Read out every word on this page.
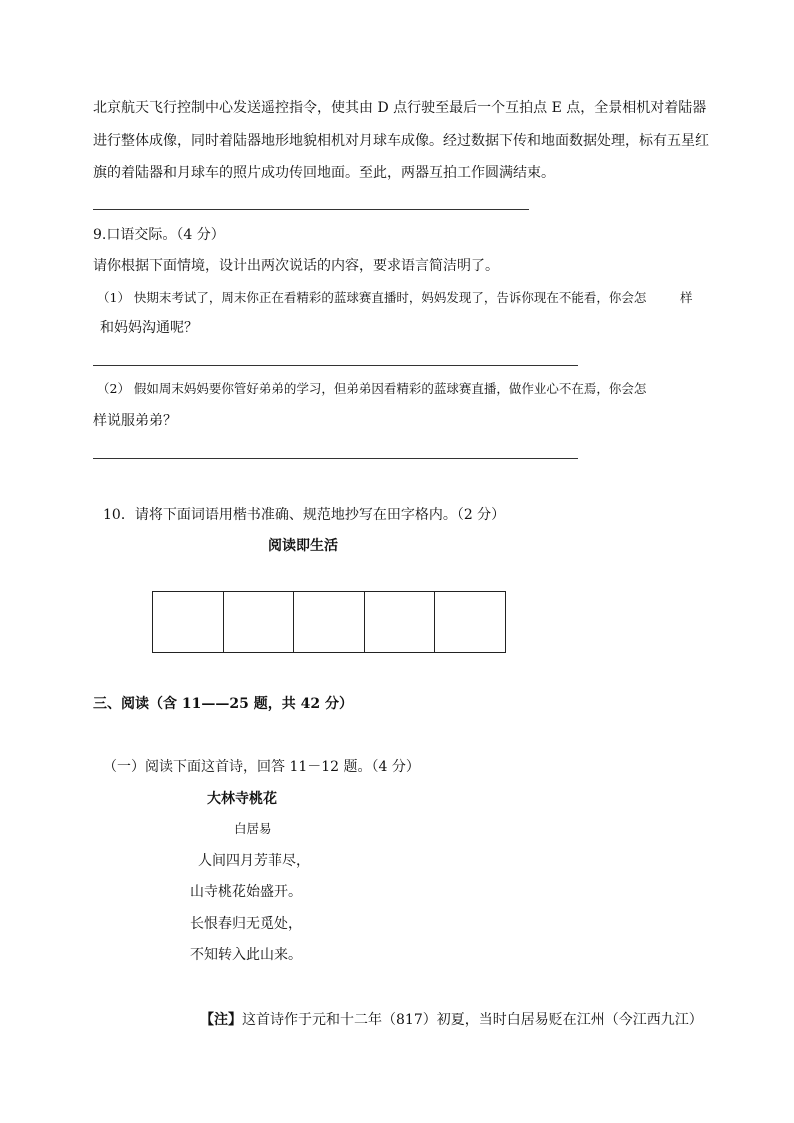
北京航天飞行控制中心发送遥控指令，使其由 D 点行驶至最后一个互拍点 E 点，全景相机对着陆器
进行整体成像，同时着陆器地形地貌相机对月球车成像。经过数据下传和地面数据处理，标有五星红
旗的着陆器和月球车的照片成功传回地面。至此，两器互拍工作圆满结束。
9.口语交际。（4 分）
请你根据下面情境，设计出两次说话的内容，要求语言简洁明了。
（1） 快期末考试了，周末你正在看精彩的蓝球赛直播时，妈妈发现了，告诉你现在不能看，你会怎	样
和妈妈沟通呢？
（2） 假如周末妈妈要你管好弟弟的学习，但弟弟因看精彩的蓝球赛直播，做作业心不在焉，你会怎
样说服弟弟？
10．请将下面词语用楷书准确、规范地抄写在田字格内。（2 分）
阅读即生活
三、阅读（含 11——25 题，共 42 分）
（一）阅读下面这首诗，回答 11－12 题。（4 分）
大林寺桃花
白居易
人间四月芳菲尽，
山寺桃花始盛开。
长恨春归无觅处，
不知转入此山来。
【注】这首诗作于元和十二年（817）初夏，当时白居易贬在江州（今江西九江）
